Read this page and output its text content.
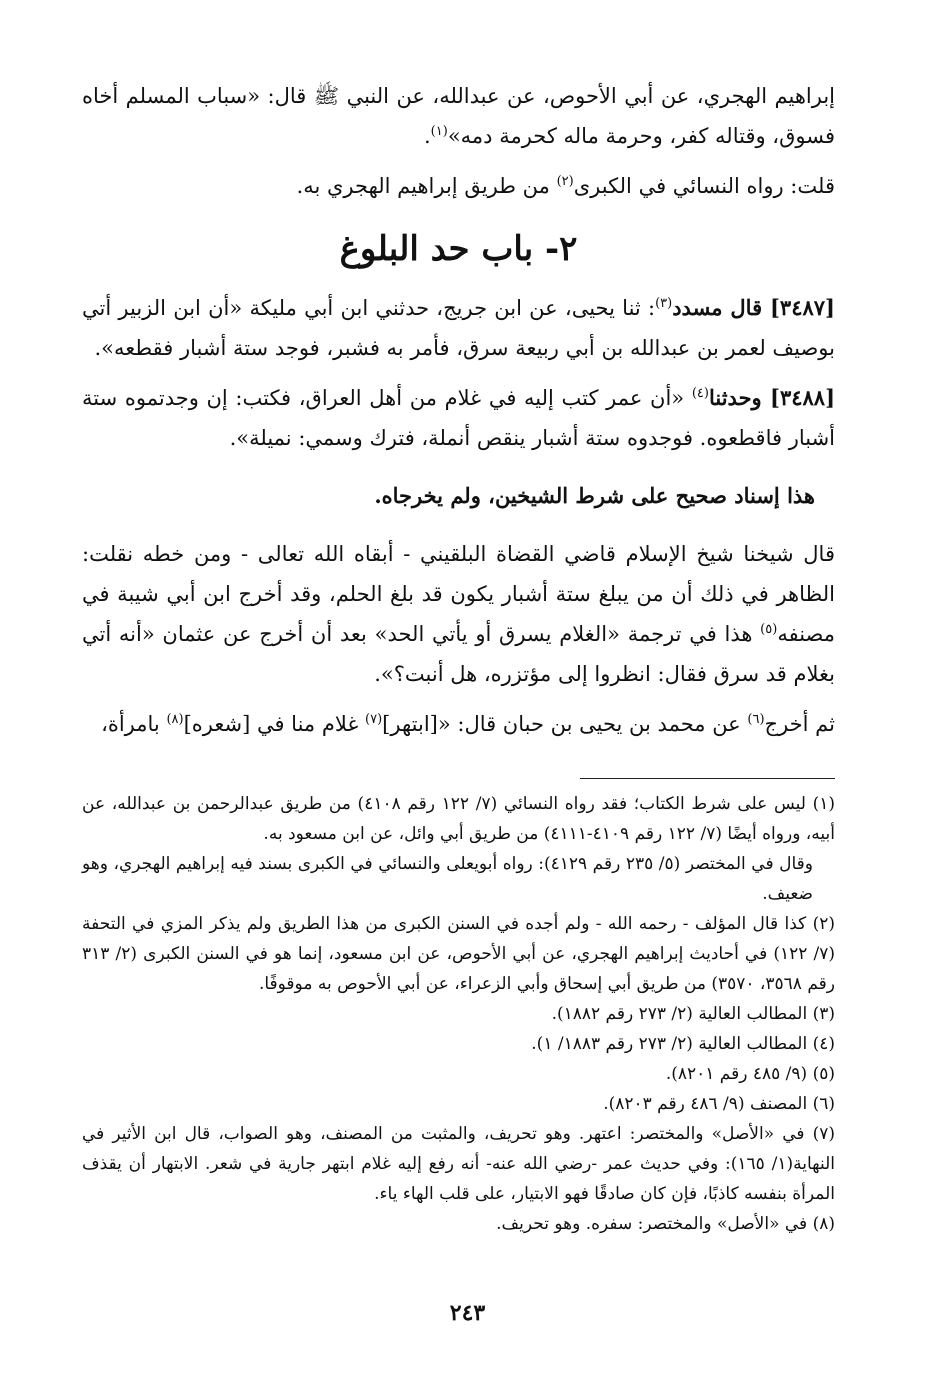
إبراهيم الهجري، عن أبي الأحوص، عن عبدالله، عن النبي ﷺ قال: «سباب المسلم أخاه فسوق، وقتاله كفر، وحرمة ماله كحرمة دمه»$^{(١)}$.

قلت: رواه النسائي في الكبرى$^{(٢)}$ من طريق إبراهيم الهجري به.

٢- باب حد البلوغ

[٣٤٨٧] قال مسدد$^{(٣)}$: ثنا يحيى، عن ابن جريج، حدثني ابن أبي مليكة «أن ابن الزبير أتي بوصيف لعمر بن عبدالله بن أبي ربيعة سرق، فأمر به فشبر، فوجد ستة أشبار فقطعه».

[٣٤٨٨] وحدثنا$^{(٤)}$ «أن عمر كتب إليه في غلام من أهل العراق، فكتب: إن وجدتموه ستة أشبار فاقطعوه. فوجدوه ستة أشبار ينقص أنملة، فترك وسمي: نميلة».

هذا إسناد صحيح على شرط الشيخين، ولم يخرجاه.

قال شيخنا شيخ الإسلام قاضي القضاة البلقيني - أبقاه الله تعالى - ومن خطه نقلت: الظاهر في ذلك أن من يبلغ ستة أشبار يكون قد بلغ الحلم، وقد أخرج ابن أبي شيبة في مصنفه$^{(٥)}$ هذا في ترجمة «الغلام يسرق أو يأتي الحد» بعد أن أخرج عن عثمان «أنه أتي بغلام قد سرق فقال: انظروا إلى مؤتزره، هل أنبت؟».

ثم أخرج$^{(٦)}$ عن محمد بن يحيى بن حبان قال: «[ابتهر]$^{(٧)}$ غلام منا في [شعره]$^{(٨)}$ بامرأة،

(١) ليس على شرط الكتاب؛ فقد رواه النسائي (٧/ ١٢٢ رقم ٤١٠٨) من طريق عبدالرحمن بن عبدالله، عن أبيه، ورواه أيضًا (٧/ ١٢٢ رقم ٤١٠٩-٤١١١) من طريق أبي وائل، عن ابن مسعود به.

وقال في المختصر (٥/ ٢٣٥ رقم ٤١٢٩): رواه أبويعلى والنسائي في الكبرى بسند فيه إبراهيم الهجري، وهو ضعيف.

(٢) كذا قال المؤلف - رحمه الله - ولم أجده في السنن الكبرى من هذا الطريق ولم يذكر المزي في التحفة (٧/ ١٢٢) في أحاديث إبراهيم الهجري، عن أبي الأحوص، عن ابن مسعود، إنما هو في السنن الكبرى (٢/ ٣١٣ رقم ٣٥٦٨، ٣٥٧٠) من طريق أبي إسحاق وأبي الزعراء، عن أبي الأحوص به موقوفًا.

(٣) المطالب العالية (٢/ ٢٧٣ رقم ١٨٨٢).

(٤) المطالب العالية (٢/ ٢٧٣ رقم ١٨٨٣/ ١).

(٥) (٩/ ٤٨٥ رقم ٨٢٠١).

(٦) المصنف (٩/ ٤٨٦ رقم ٨٢٠٣).

(٧) في «الأصل» والمختصر: اعتهر. وهو تحريف، والمثبت من المصنف، وهو الصواب، قال ابن الأثير في النهاية(١/ ١٦٥): وفي حديث عمر -رضي الله عنه- أنه رفع إليه غلام ابتهر جارية في شعر. الابتهار أن يقذف المرأة بنفسه كاذبًا، فإن كان صادقًا فهو الابتيار، على قلب الهاء ياء.

(٨) في «الأصل» والمختصر: سفره. وهو تحريف.

٢٤٣
